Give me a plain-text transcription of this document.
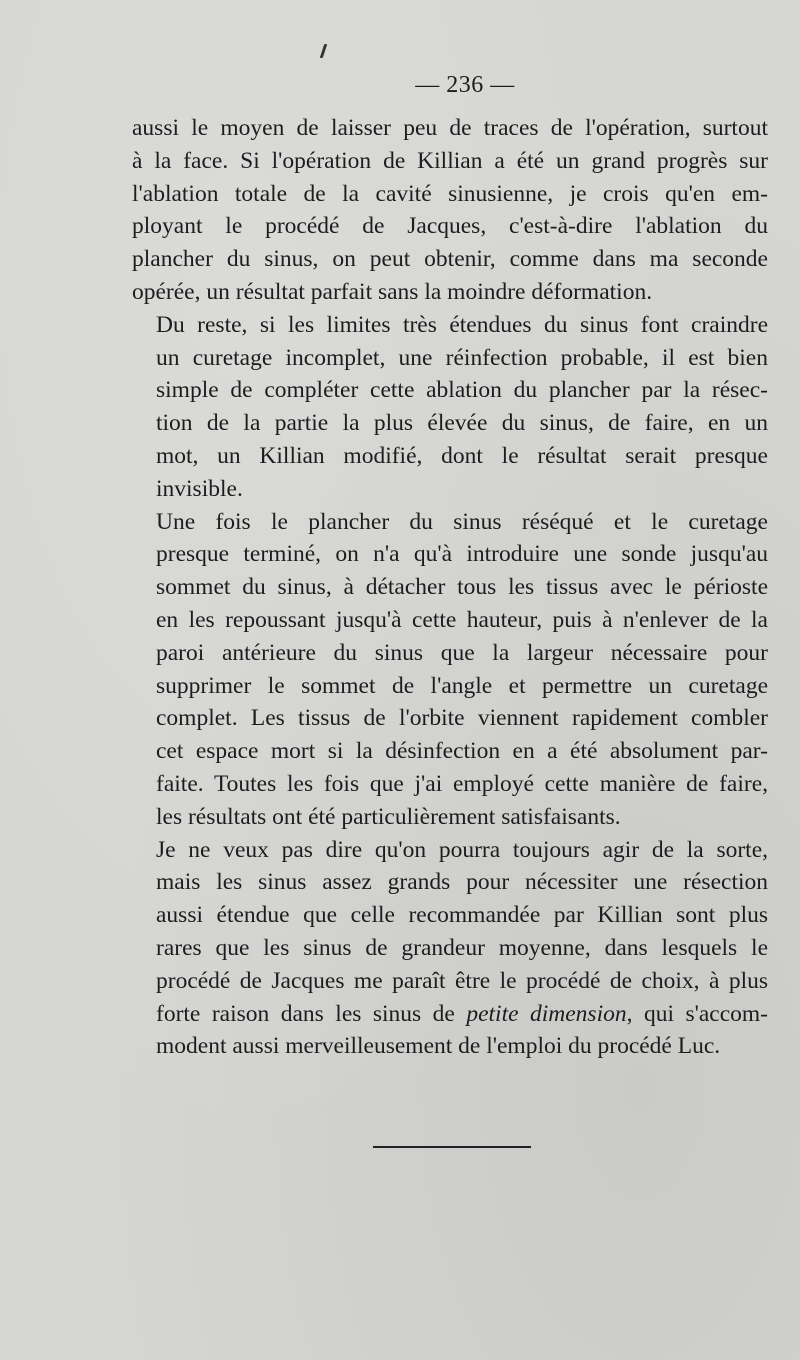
— 236 —

aussi le moyen de laisser peu de traces de l'opération, surtout
à la face. Si l'opération de Killian a été un grand progrès sur
l'ablation totale de la cavité sinusienne, je crois qu'en em-
ployant le procédé de Jacques, c'est-à-dire l'ablation du
plancher du sinus, on peut obtenir, comme dans ma seconde
opérée, un résultat parfait sans la moindre déformation.

Du reste, si les limites très étendues du sinus font craindre
un curetage incomplet, une réinfection probable, il est bien
simple de compléter cette ablation du plancher par la résec-
tion de la partie la plus élevée du sinus, de faire, en un
mot, un Killian modifié, dont le résultat serait presque
invisible.

Une fois le plancher du sinus réséqué et le curetage
presque terminé, on n'a qu'à introduire une sonde jusqu'au
sommet du sinus, à détacher tous les tissus avec le périoste
en les repoussant jusqu'à cette hauteur, puis à n'enlever de la
paroi antérieure du sinus que la largeur nécessaire pour
supprimer le sommet de l'angle et permettre un curetage
complet. Les tissus de l'orbite viennent rapidement combler
cet espace mort si la désinfection en a été absolument par-
faite. Toutes les fois que j'ai employé cette manière de faire,
les résultats ont été particulièrement satisfaisants.

Je ne veux pas dire qu'on pourra toujours agir de la sorte,
mais les sinus assez grands pour nécessiter une résection
aussi étendue que celle recommandée par Killian sont plus
rares que les sinus de grandeur moyenne, dans lesquels le
procédé de Jacques me paraît être le procédé de choix, à plus
forte raison dans les sinus de petite dimension, qui s'accom-
modent aussi merveilleusement de l'emploi du procédé Luc.
